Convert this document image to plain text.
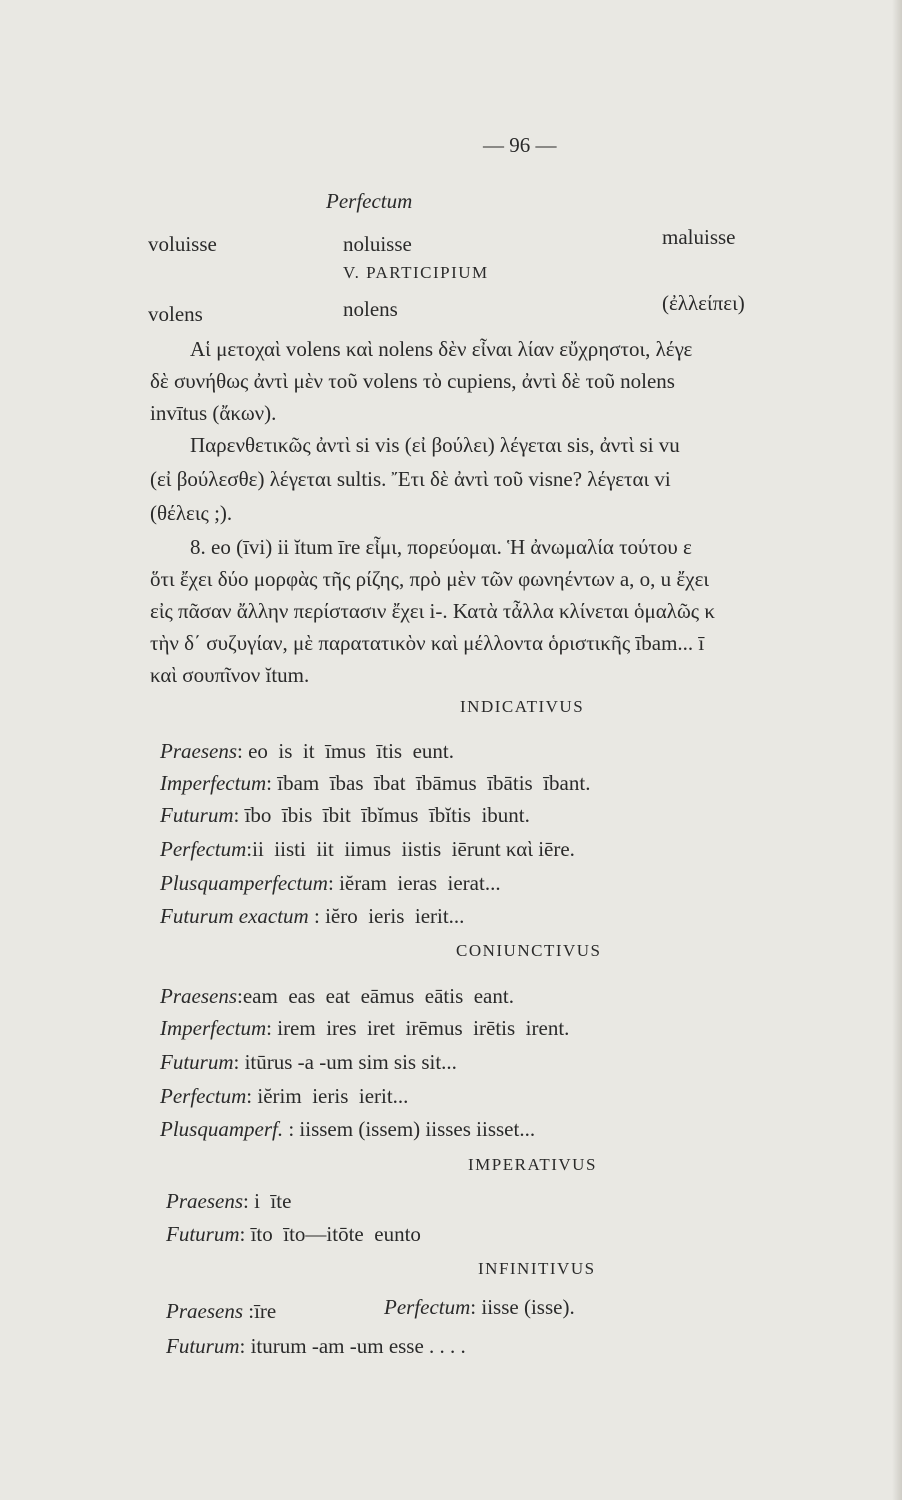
— 96 —
Perfectum
voluisse	noluisse	maluisse
V. PARTICIPIUM
volens	nolens	(ἐλλείπει)
Aἱ μετοχαὶ volens καὶ nolens δὲν εἶναι λίαν εὔχρηστοι, λέγε
δὲ συνήθως ἀντὶ μὲν τοῦ volens τὸ cupiens, ἀντὶ δὲ τοῦ nolens
invītus (ἄκων).
Παρενθετικῶς ἀντὶ si vis (εἰ βούλει) λέγεται sis, ἀντὶ si vu
(εἰ βούλεσθε) λέγεται sultis. Ἔτι δὲ ἀντὶ τοῦ visne? λέγεται vi
(θέλεις ;).
8. eo (īvi) ii ĭtum īre εἶμι, πορεύομαι. Ἡ ἀνωμαλία τούτου ε
ὅτι ἔχει δύο μορφὰς τῆς ρίζης, πρὸ μὲν τῶν φωνηέντων a, o, u ἔχει
εἰς πᾶσαν ἄλλην περίστασιν ἔχει i-. Κατὰ τἆλλα κλίνεται ὁμαλῶς κ
τὴν δ΄ συζυγίαν, μὲ παρατατικὸν καὶ μέλλοντα ὁριστικῆς ībam... ī
καὶ σουπῖνον ĭtum.
INDICATIVUS
Praesens: eo  is  it  īmus  ītis  eunt.
Imperfectum: ībam  ības  ībat  ībāmus  ībātis  ībant.
Futurum: ībo  ībis  ībit  ībĭmus  ībĭtis  ibunt.
Perfectum:ii  iisti  iit  iimus  iistis  iērunt καὶ iēre.
Plusquamperfectum: iĕram  ieras  ierat...
Futurum exactum : iĕro  ieris  ierit...
CONIUNCTIVUS
Praesens:eam  eas  eat  eāmus  eātis  eant.
Imperfectum: irem  ires  iret  irēmus  irētis  irent.
Futurum: itūrus -a -um sim sis sit...
Perfectum: iĕrim  ieris  ierit...
Plusquamperf. : iissem (issem) iisses iisset...
IMPERATIVUS
Praesens: i  īte
Futurum: īto  īto—itōte  eunto
INFINITIVUS
Praesens :īre	Perfectum: iisse (isse).
Futurum: iturum -am -um esse . . . .
